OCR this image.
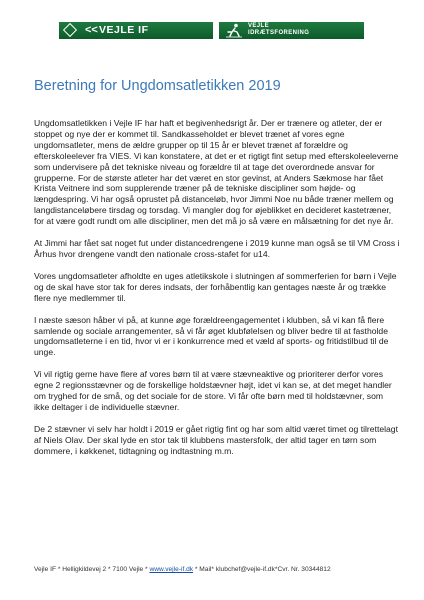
<< VEJLE IF	VEJLE
IDRÆTSFORENING
Beretning for Ungdomsatletikken 2019

Ungdomsatletikken i Vejle IF har haft et begivenhedsrigt år. Der er trænere og atleter, der er stoppet og nye der er kommet til. Sandkasseholdet er blevet trænet af vores egne ungdomsatleter, mens de ældre grupper op til 15 år er blevet trænet af forældre og efterskoleelever fra VIES. Vi kan konstatere, at det er et rigtigt fint setup med efterskoleeleverne som undervisere på det tekniske niveau og forældre til at tage det overordnede ansvar for grupperne. For de største atleter har det været en stor gevinst, at Anders Sækmose har fået Krista Veitnere ind som supplerende træner på de tekniske discipliner som højde- og længdespring. Vi har også oprustet på distanceløb, hvor Jimmi Noe nu både træner mellem og langdistanceløbere tirsdag og torsdag. Vi mangler dog for øjeblikket en decideret kastetræner, for at være godt rundt om alle discipliner, men det må jo så være en målsætning for det nye år.

At Jimmi har fået sat noget fut under distancedrengene i 2019 kunne man også se til VM Cross i Århus hvor drengene vandt den nationale cross-stafet for u14.

Vores ungdomsatleter afholdte en uges atletikskole i slutningen af sommerferien for børn i Vejle og de skal have stor tak for deres indsats, der forhåbentlig kan gentages næste år og trække flere nye medlemmer til.

I næste sæson håber vi på, at kunne øge forældreengagementet i klubben, så vi kan få flere samlende og sociale arrangementer, så vi får øget klubfølelsen og bliver bedre til at fastholde ungdomsatleterne i en tid, hvor vi er i konkurrence med et væld af sports- og fritidstilbud til de unge.

Vi vil rigtig gerne have flere af vores børn til at være stævneaktive og prioriterer derfor vores egne 2 regionsstævner og de forskellige holdstævner højt, idet vi kan se, at det meget handler om tryghed for de små, og det sociale for de store. Vi får ofte børn med til holdstævner, som ikke deltager i de individuelle stævner.

De 2 stævner vi selv har holdt i 2019 er gået rigtig fint og har som altid været timet og tilrettelagt af Niels Olav. Der skal lyde en stor tak til klubbens mastersfolk, der altid tager en tørn som dommere, i køkkenet, tidtagning og indtastning m.m.

Vejle IF * Helligkildevej 2 * 7100 Vejle * www.vejle-if.dk * Mail* klubchef@vejle-if.dk*Cvr. Nr. 30344812
